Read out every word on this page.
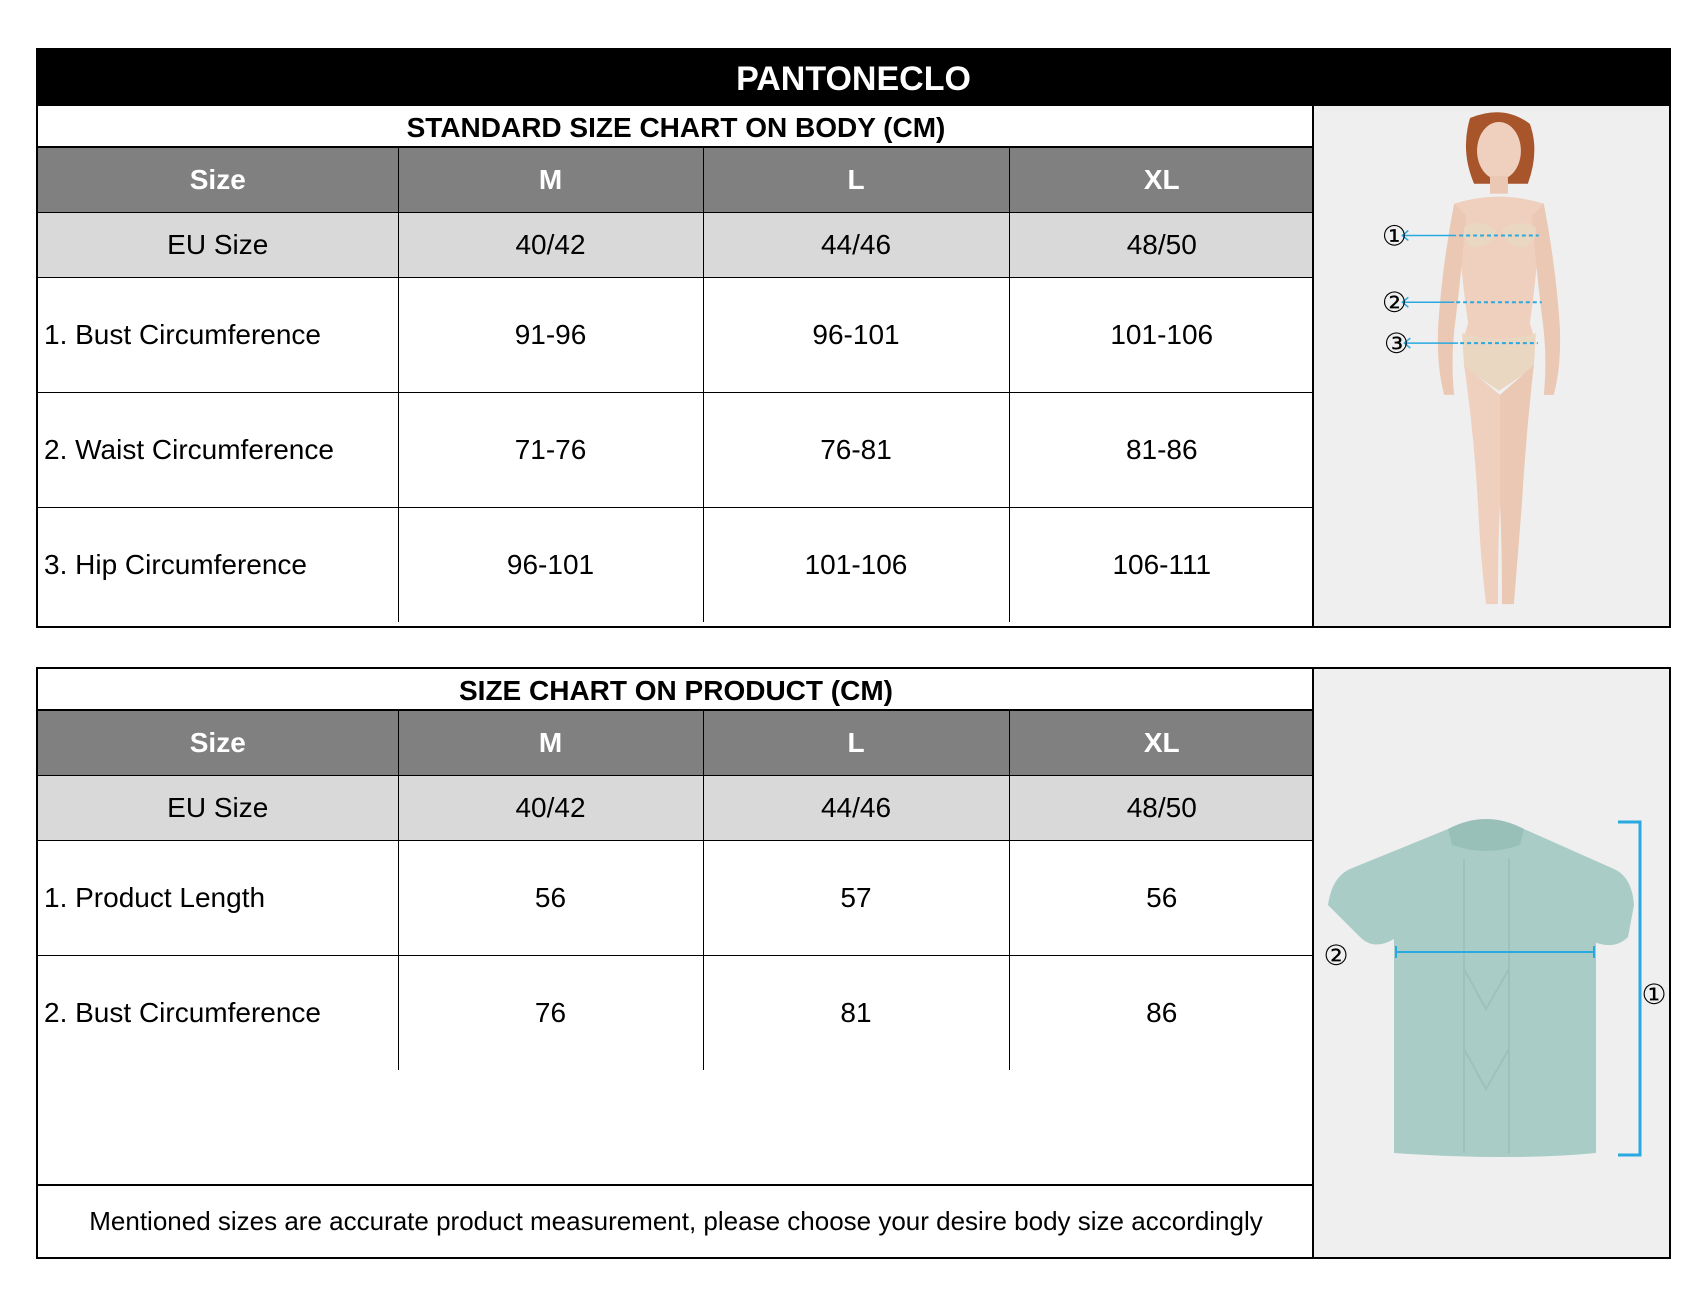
PANTONECLO
STANDARD SIZE CHART ON BODY (CM)
Size	M	L	XL
EU Size	40/42	44/46	48/50
1. Bust Circumference	91-96	96-101	101-106
2. Waist Circumference	71-76	76-81	81-86
3. Hip Circumference	96-101	101-106	106-111
①
②
③
SIZE CHART ON PRODUCT (CM)
Size	M	L	XL
EU Size	40/42	44/46	48/50
1. Product Length	56	57	56
2. Bust Circumference	76	81	86
Mentioned sizes are accurate product measurement, please choose your desire body size accordingly
②
①
